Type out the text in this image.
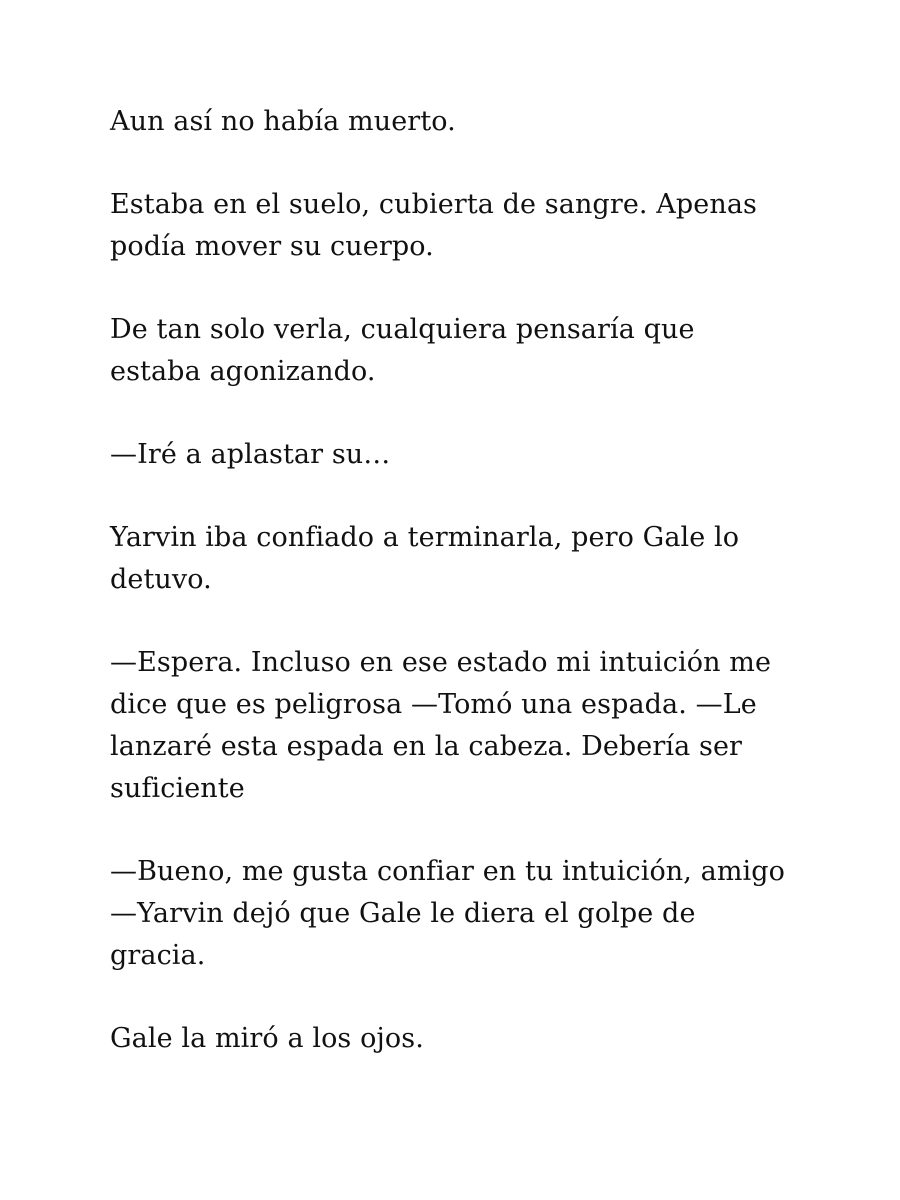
Aun así no había muerto.

Estaba en el suelo, cubierta de sangre. Apenas
podía mover su cuerpo.

De tan solo verla, cualquiera pensaría que
estaba agonizando.

—Iré a aplastar su…

Yarvin iba confiado a terminarla, pero Gale lo
detuvo.

—Espera. Incluso en ese estado mi intuición me
dice que es peligrosa —Tomó una espada. —Le
lanzaré esta espada en la cabeza. Debería ser
suficiente

—Bueno, me gusta confiar en tu intuición, amigo
—Yarvin dejó que Gale le diera el golpe de
gracia.

Gale la miró a los ojos.
